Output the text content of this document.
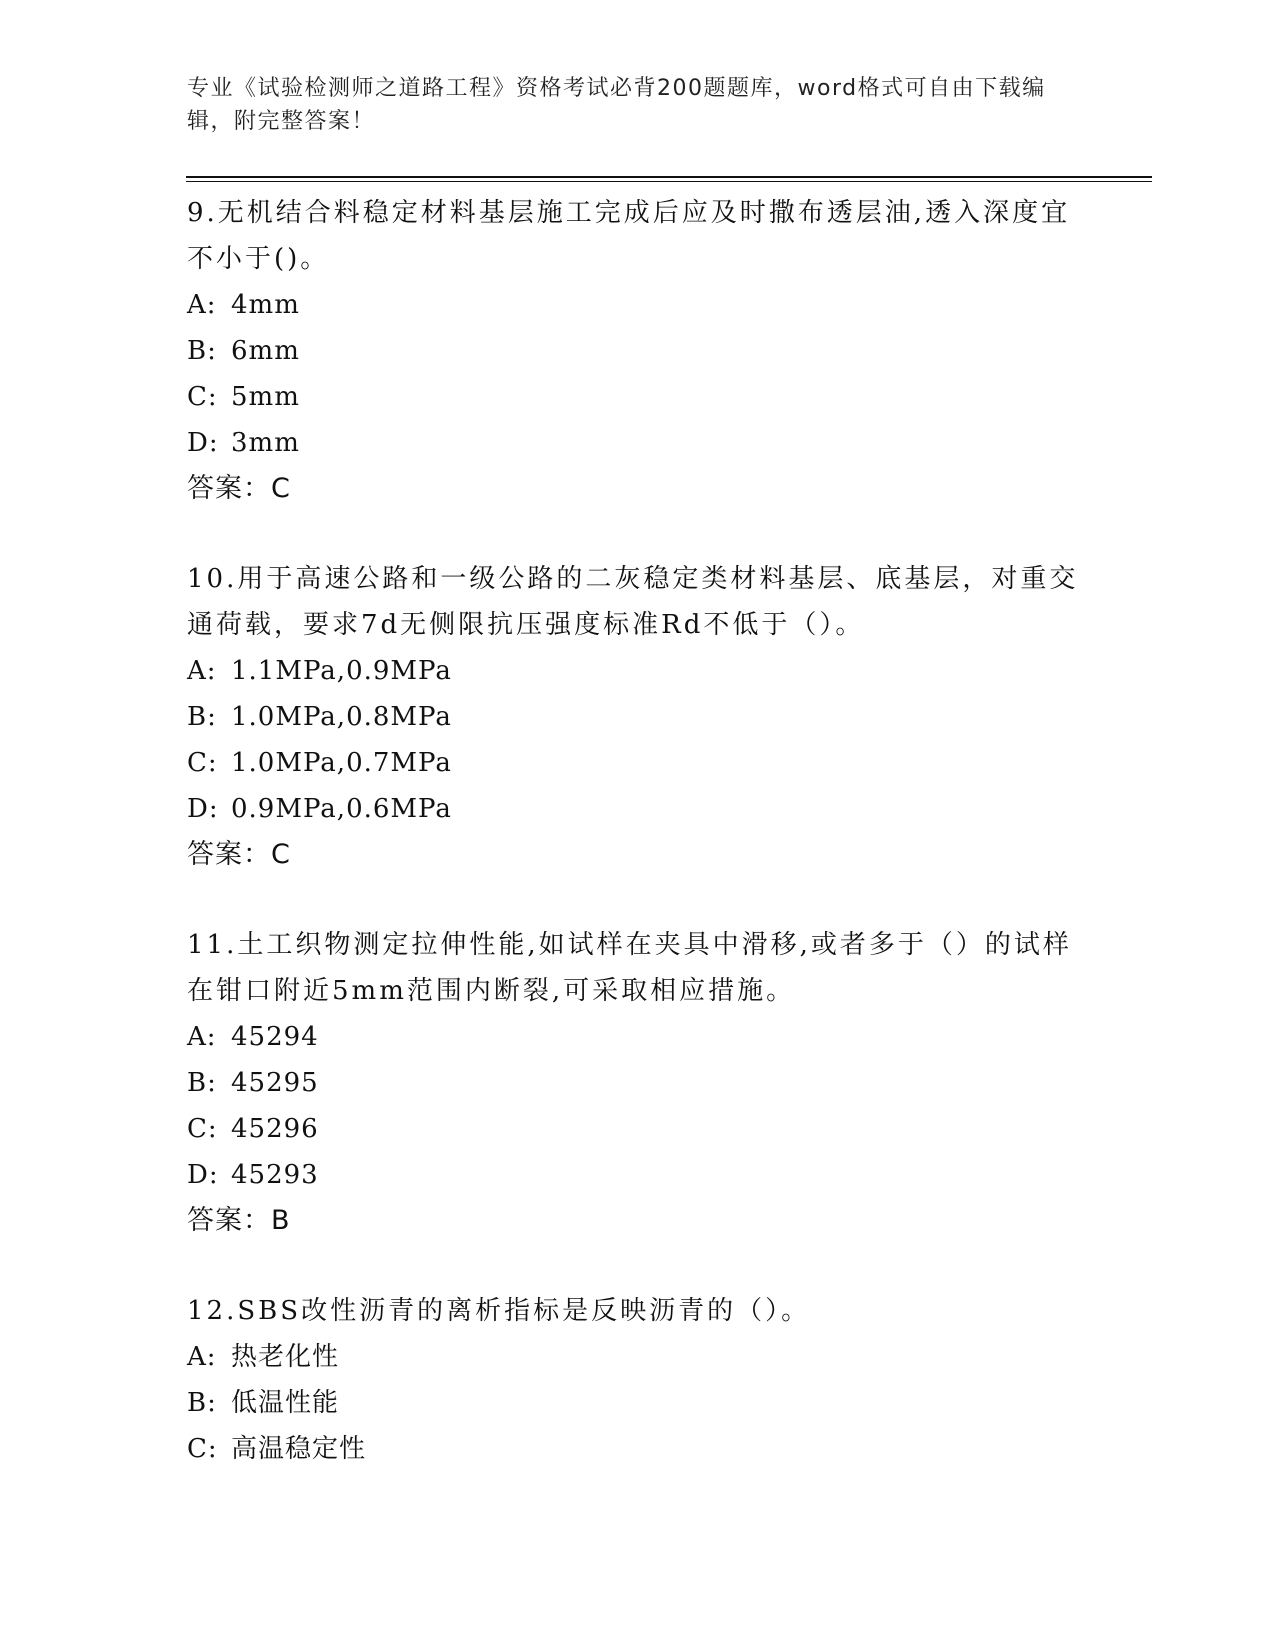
专业《试验检测师之道路工程》资格考试必背200题题库，word格式可自由下载编辑，附完整答案！
9.无机结合料稳定材料基层施工完成后应及时撒布透层油,透入深度宜不小于()。
A: 4mm
B: 6mm
C: 5mm
D: 3mm
答案：C
10.用于高速公路和一级公路的二灰稳定类材料基层、底基层，对重交通荷载，要求7d无侧限抗压强度标准Rd不低于（）。
A: 1.1MPa,0.9MPa
B: 1.0MPa,0.8MPa
C: 1.0MPa,0.7MPa
D: 0.9MPa,0.6MPa
答案：C
11.土工织物测定拉伸性能,如试样在夹具中滑移,或者多于（）的试样在钳口附近5mm范围内断裂,可采取相应措施。
A: 45294
B: 45295
C: 45296
D: 45293
答案：B
12.SBS改性沥青的离析指标是反映沥青的（）。
A: 热老化性
B: 低温性能
C: 高温稳定性
